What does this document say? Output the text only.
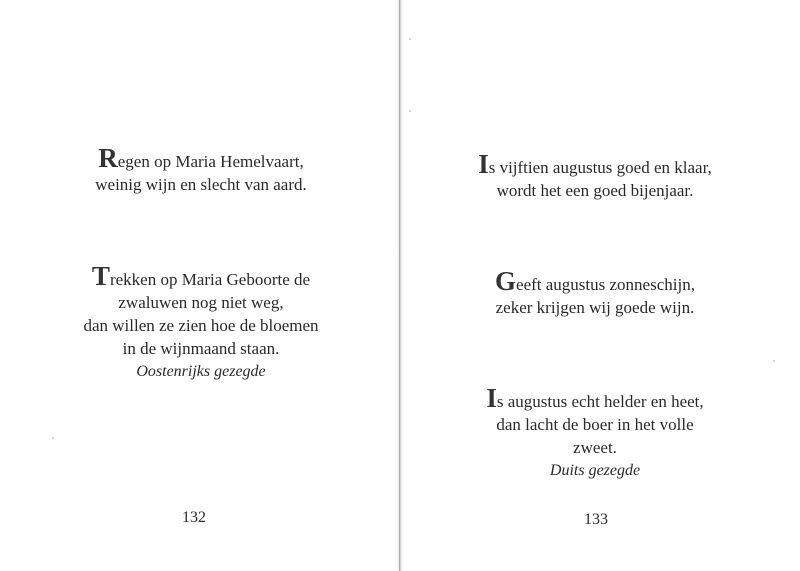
Regen op Maria Hemelvaart,
weinig wijn en slecht van aard.
Trekken op Maria Geboorte de
zwaluwen nog niet weg,
dan willen ze zien hoe de bloemen
in de wijnmaand staan.
Oostenrijks gezegde
132
Is vijftien augustus goed en klaar,
wordt het een goed bijenjaar.
Geeft augustus zonneschijn,
zeker krijgen wij goede wijn.
Is augustus echt helder en heet,
dan lacht de boer in het volle
zweet.
Duits gezegde
133
